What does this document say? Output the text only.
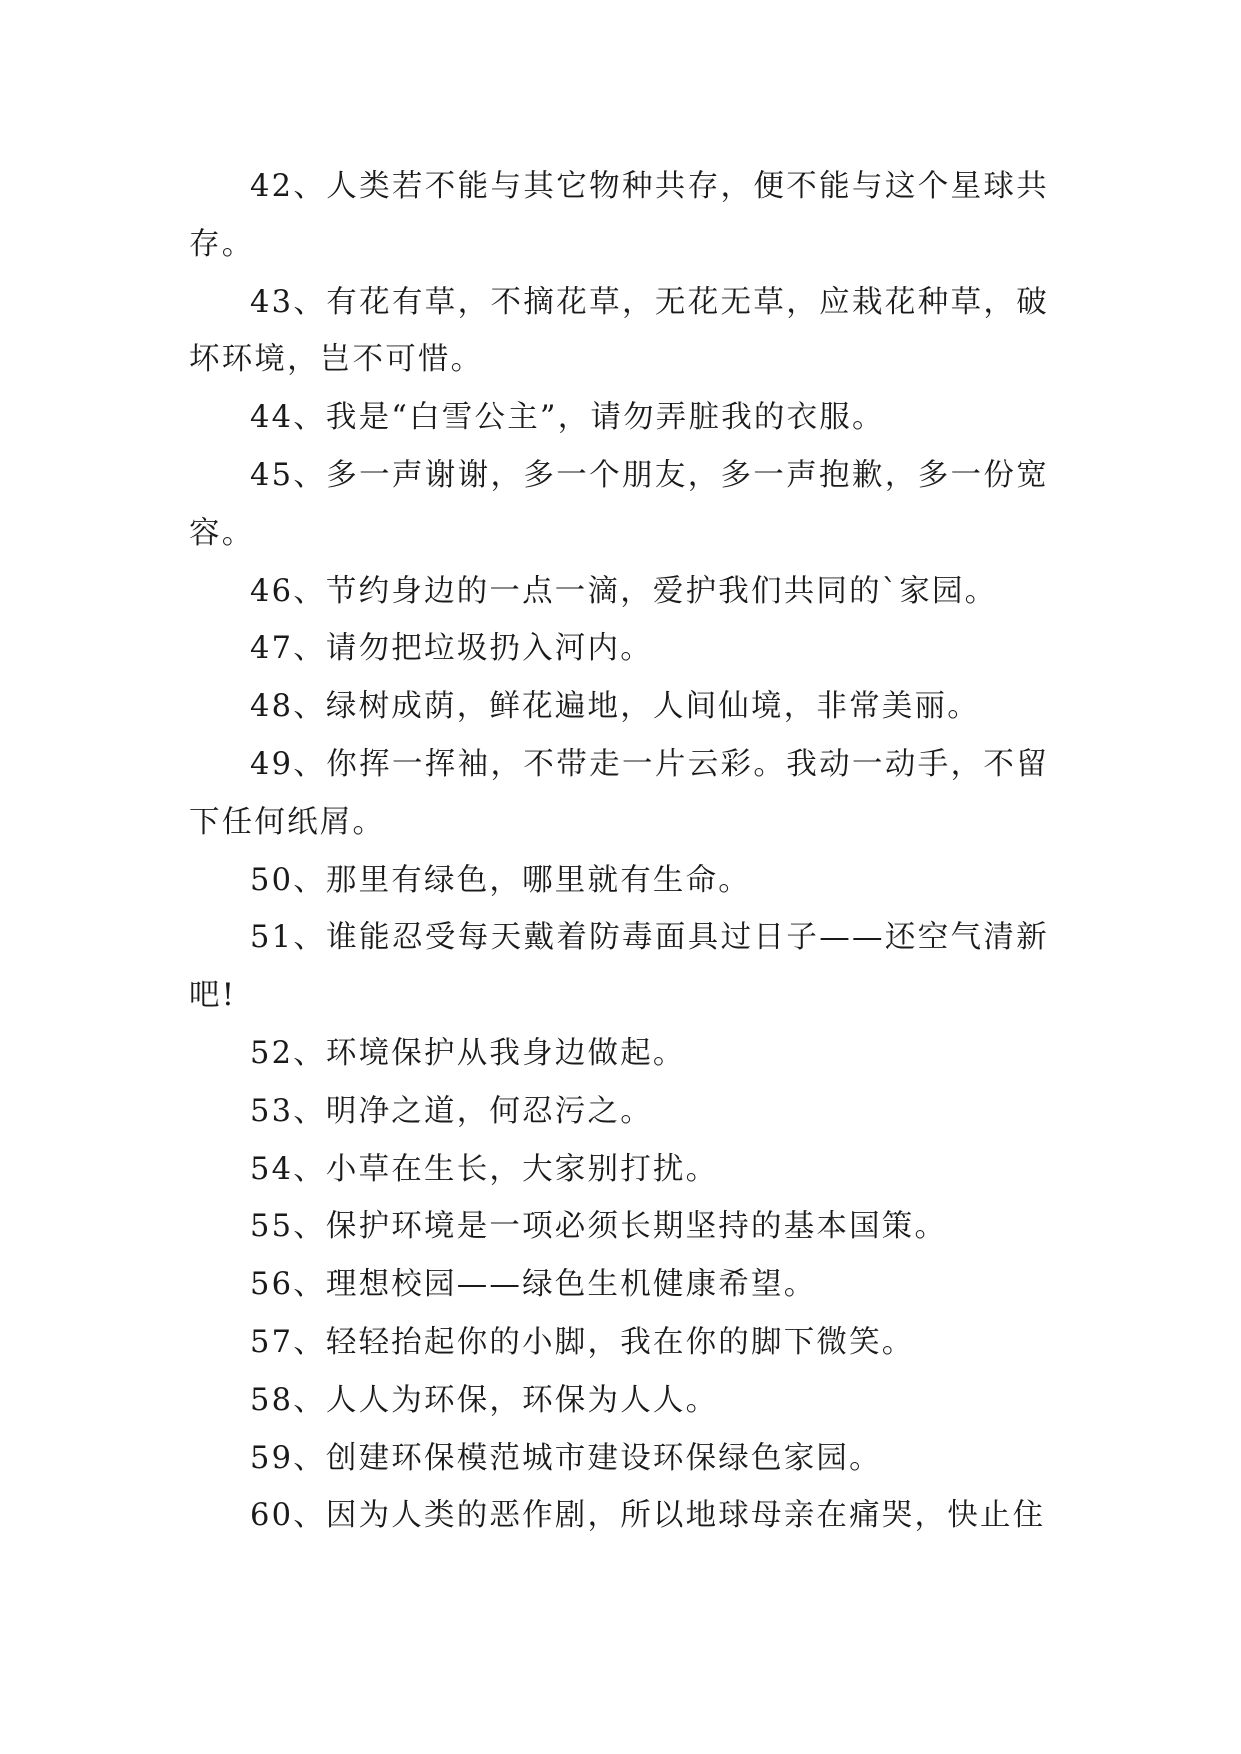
42、人类若不能与其它物种共存，便不能与这个星球共存。

43、有花有草，不摘花草，无花无草，应栽花种草，破坏环境，岂不可惜。

44、我是“白雪公主”，请勿弄脏我的衣服。

45、多一声谢谢，多一个朋友，多一声抱歉，多一份宽容。

46、节约身边的一点一滴，爱护我们共同的`家园。

47、请勿把垃圾扔入河内。

48、绿树成荫，鲜花遍地，人间仙境，非常美丽。

49、你挥一挥袖，不带走一片云彩。我动一动手，不留下任何纸屑。

50、那里有绿色，哪里就有生命。

51、谁能忍受每天戴着防毒面具过日子——还空气清新吧!

52、环境保护从我身边做起。

53、明净之道，何忍污之。

54、小草在生长，大家别打扰。

55、保护环境是一项必须长期坚持的基本国策。

56、理想校园——绿色生机健康希望。

57、轻轻抬起你的小脚，我在你的脚下微笑。

58、人人为环保，环保为人人。

59、创建环保模范城市建设环保绿色家园。

60、因为人类的恶作剧，所以地球母亲在痛哭，快止住
